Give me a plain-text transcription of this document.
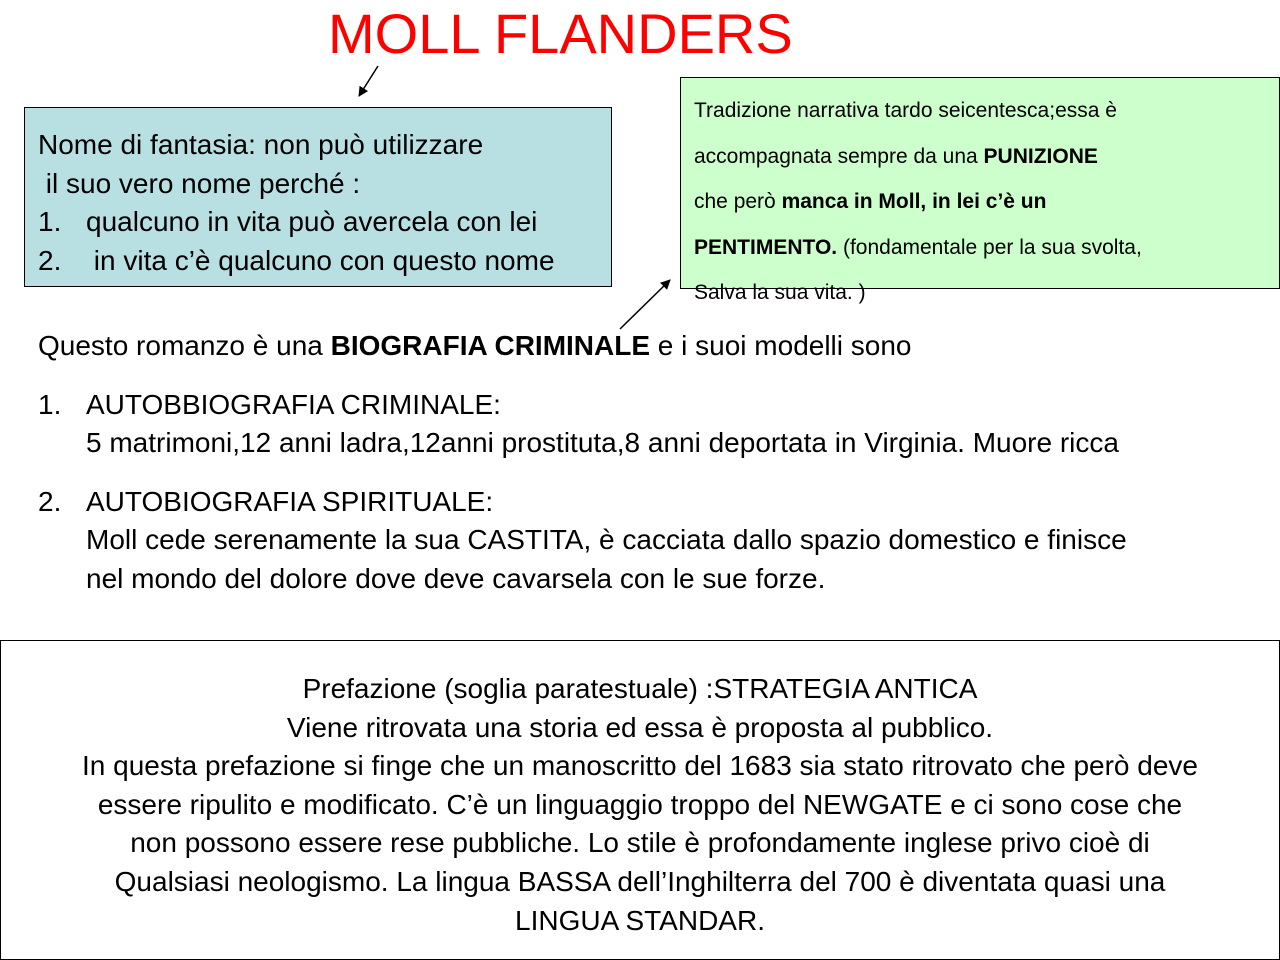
MOLL FLANDERS
Nome di fantasia: non può utilizzare
il suo vero nome perché :
1. qualcuno in vita può avercela con lei
2. in vita c’è qualcuno con questo nome
Tradizione narrativa tardo seicentesca;essa è
accompagnata sempre da una PUNIZIONE
che però manca in Moll, in lei c’è un
PENTIMENTO. (fondamentale per la sua svolta,
Salva la sua vita. )
Questo romanzo è una BIOGRAFIA CRIMINALE e i suoi modelli sono
1. AUTOBBIOGRAFIA CRIMINALE:
5 matrimoni,12 anni ladra,12anni prostituta,8 anni deportata in Virginia. Muore ricca
2. AUTOBIOGRAFIA SPIRITUALE:
Moll cede serenamente la sua CASTITA, è cacciata dallo spazio domestico e finisce
nel mondo del dolore dove deve cavarsela con le sue forze.
Prefazione (soglia paratestuale) :STRATEGIA ANTICA
Viene ritrovata una storia ed essa è proposta al pubblico.
In questa prefazione si finge che un manoscritto del 1683 sia stato ritrovato che però deve
essere ripulito e modificato. C’è un linguaggio troppo del NEWGATE e ci sono cose che
non possono essere rese pubbliche. Lo stile è profondamente inglese privo cioè di
Qualsiasi neologismo. La lingua BASSA dell’Inghilterra del 700 è diventata quasi una
LINGUA STANDAR.
